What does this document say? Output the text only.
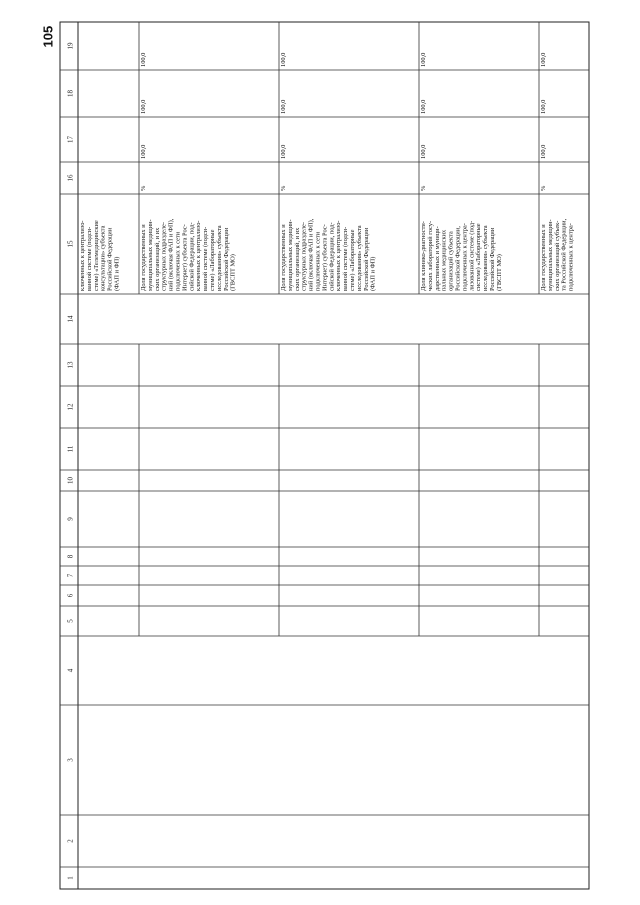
105
1
2
3
4
5
6
7
8
9
10
11
12
13
14
15
16
17
18
19
ключенных к централизо- ванной системе (подси- стеме) «Телемедицинские консультации» субъекта Российской Федерации (ФАП и ФП)	Доля государственных и муниципальных медицин- ских организаций, и их структурных подразделе- ний (включая ФАП и ФП), подключенных к сети Интернет) субъекта Рос- сийской Федерации, под- ключенных к централизо- ванной системе (подси- стеме) «Лабораторные исследования» субъекта Российской Федерации (ГВСПТ МО)
%
100,0
100,0
100,0
Доля государственных и муниципальных медицин- ских организаций, и их структурных подразделе- ний (включая ФАП и ФП), подключенных к сети Интернет) субъекта Рос- сийской Федерации, под- ключенных к централизо- ванной системе (подси- стеме) «Лабораторные исследования» субъекта Российской Федерации (ФАП и ФП)
%
100,0
100,0
100,0
Доля клинико-диагности- ческих лабораторий госу- дарственных и муници- пальных медицинских организаций субъекта Российской Федерации, подключенных к центра- лизованной системе (под- системе) «Лабораторные исследования» субъекта Российской Федерации (ГВСПТ МО)
%
100,0
100,0
100,0
Доля государственных и муниципальных медицин- ских организаций субъек- та Российской Федерации, подключенных к центра-
%
100,0
100,0
100,0
